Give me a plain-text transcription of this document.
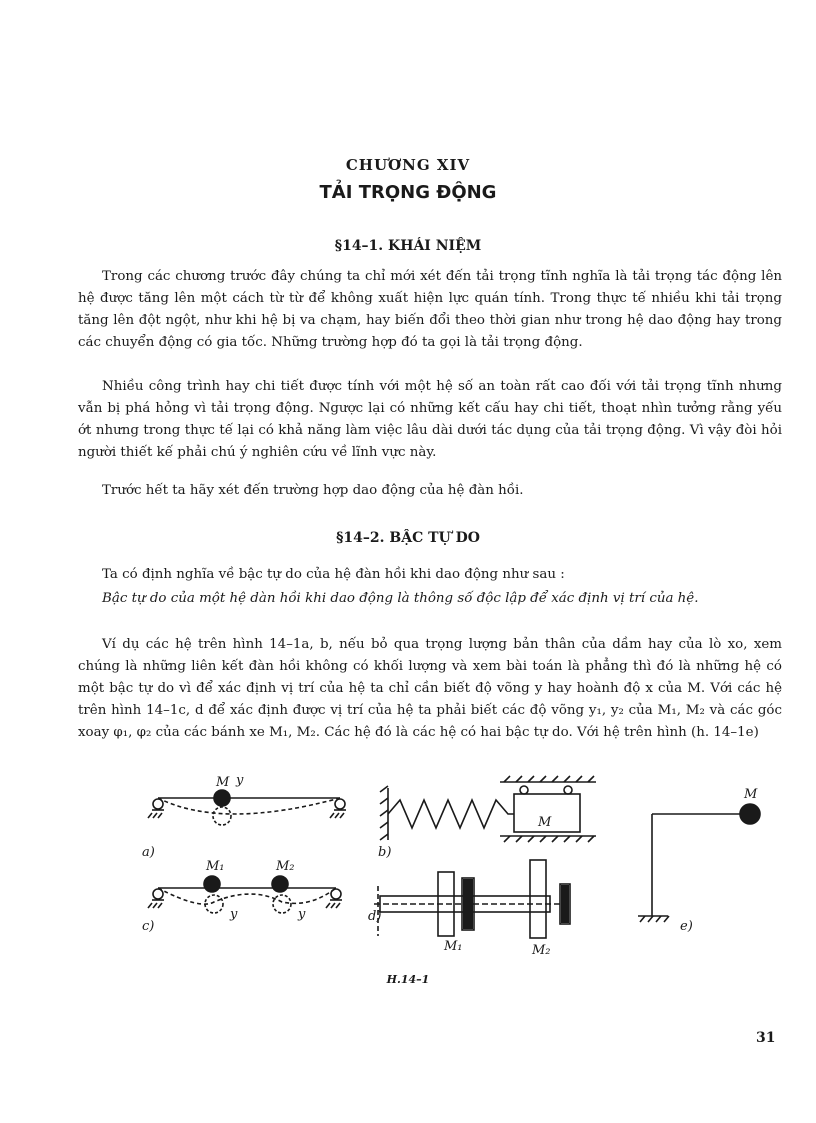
CHƯƠNG XIV
TẢI TRỌNG ĐỘNG
§14–1. KHÁI NIỆM

Trong các chương trước đây chúng ta chỉ mới xét đến tải trọng tĩnh nghĩa là tải trọng tác động lên hệ được tăng lên một cách từ từ để không xuất hiện lực quán tính. Trong thực tế nhiều khi tải trọng tăng lên đột ngột, như khi hệ bị va chạm, hay biến đổi theo thời gian như trong hệ dao động hay trong các chuyển động có gia tốc. Những trường hợp đó ta gọi là tải trọng động.

Nhiều công trình hay chi tiết được tính với một hệ số an toàn rất cao đối với tải trọng tĩnh nhưng vẫn bị phá hỏng vì tải trọng động. Ngược lại có những kết cấu hay chi tiết, thoạt nhìn tưởng rằng yếu ớt nhưng trong thực tế lại có khả năng làm việc lâu dài dưới tác dụng của tải trọng động. Vì vậy đòi hỏi người thiết kế phải chú ý nghiên cứu về lĩnh vực này.

Trước hết ta hãy xét đến trường hợp dao động của hệ đàn hồi.

§14–2. BẬC TỰ DO

Ta có định nghĩa về bậc tự do của hệ đàn hồi khi dao động như sau :

Bậc tự do của một hệ dàn hồi khi dao động là thông số độc lập để xác định vị trí của hệ.

Ví dụ các hệ trên hình 14–1a, b, nếu bỏ qua trọng lượng bản thân của dầm hay của lò xo, xem chúng là những liên kết đàn hồi không có khối lượng và xem bài toán là phẳng thì đó là những hệ có một bậc tự do vì để xác định vị trí của hệ ta chỉ cần biết độ võng y hay hoành độ x của M. Với các hệ trên hình 14–1c, d để xác định được vị trí của hệ ta phải biết các độ võng y₁, y₂ của M₁, M₂ và các góc xoay φ₁, φ₂ của các bánh xe M₁, M₂. Các hệ đó là các hệ có hai bậc tự do. Với hệ trên hình (h. 14–1e)

M y
a)
M
b)
M
e)
M₁	M₂
y	y
c)
d)
M₁	M₂
H.14–1
31
